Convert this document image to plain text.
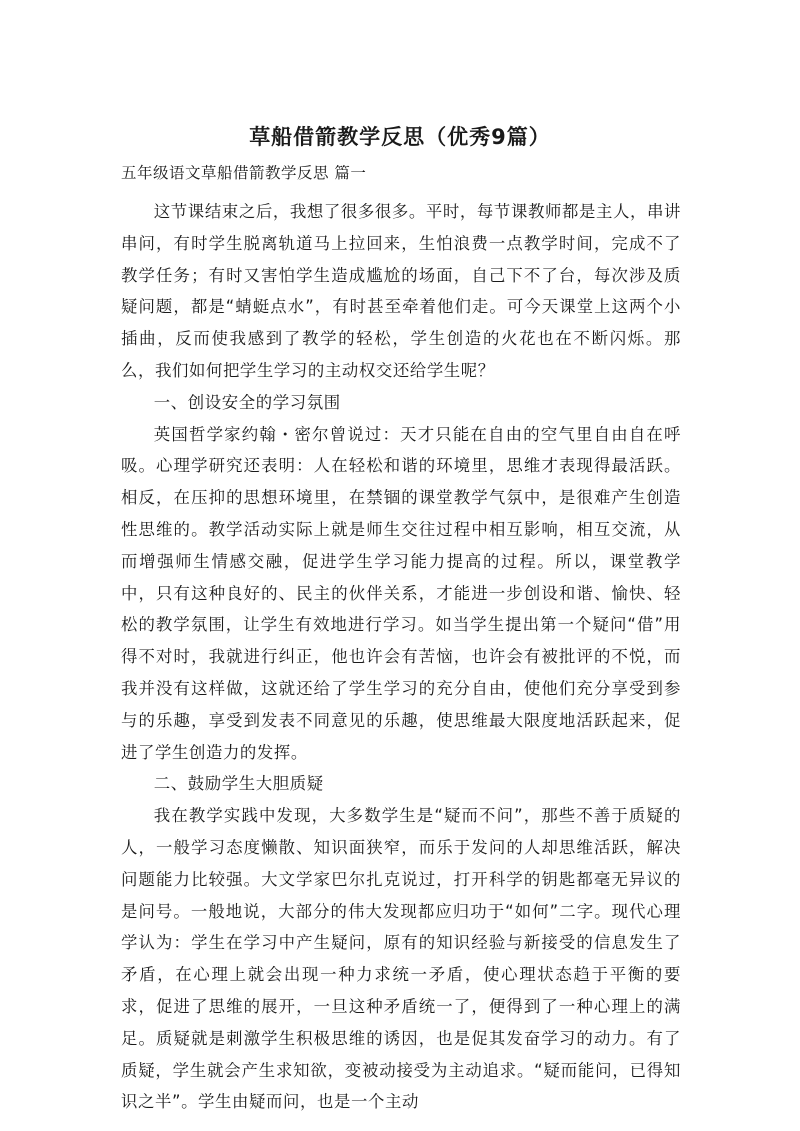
草船借箭教学反思（优秀9篇）
五年级语文草船借箭教学反思 篇一

这节课结束之后，我想了很多很多。平时，每节课教师都是主人，串讲串问，有时学生脱离轨道马上拉回来，生怕浪费一点教学时间，完成不了教学任务；有时又害怕学生造成尴尬的场面，自己下不了台，每次涉及质疑问题，都是“蜻蜓点水”，有时甚至牵着他们走。可今天课堂上这两个小插曲，反而使我感到了教学的轻松，学生创造的火花也在不断闪烁。那么，我们如何把学生学习的主动权交还给学生呢？

一、创设安全的学习氛围

英国哲学家约翰・密尔曾说过：天才只能在自由的空气里自由自在呼吸。心理学研究还表明：人在轻松和谐的环境里，思维才表现得最活跃。相反，在压抑的思想环境里，在禁锢的课堂教学气氛中，是很难产生创造性思维的。教学活动实际上就是师生交往过程中相互影响，相互交流，从而增强师生情感交融，促进学生学习能力提高的过程。所以，课堂教学中，只有这种良好的、民主的伙伴关系，才能进一步创设和谐、愉快、轻松的教学氛围，让学生有效地进行学习。如当学生提出第一个疑问“借”用得不对时，我就进行纠正，他也许会有苦恼，也许会有被批评的不悦，而我并没有这样做，这就还给了学生学习的充分自由，使他们充分享受到参与的乐趣，享受到发表不同意见的乐趣，使思维最大限度地活跃起来，促进了学生创造力的发挥。

二、鼓励学生大胆质疑

我在教学实践中发现，大多数学生是“疑而不问”，那些不善于质疑的人，一般学习态度懒散、知识面狭窄，而乐于发问的人却思维活跃，解决问题能力比较强。大文学家巴尔扎克说过，打开科学的钥匙都毫无异议的是问号。一般地说，大部分的伟大发现都应归功于“如何”二字。现代心理学认为：学生在学习中产生疑问，原有的知识经验与新接受的信息发生了矛盾，在心理上就会出现一种力求统一矛盾，使心理状态趋于平衡的要求，促进了思维的展开，一旦这种矛盾统一了，便得到了一种心理上的满足。质疑就是刺激学生积极思维的诱因，也是促其发奋学习的动力。有了质疑，学生就会产生求知欲，变被动接受为主动追求。“疑而能问，已得知识之半”。学生由疑而问，也是一个主动
